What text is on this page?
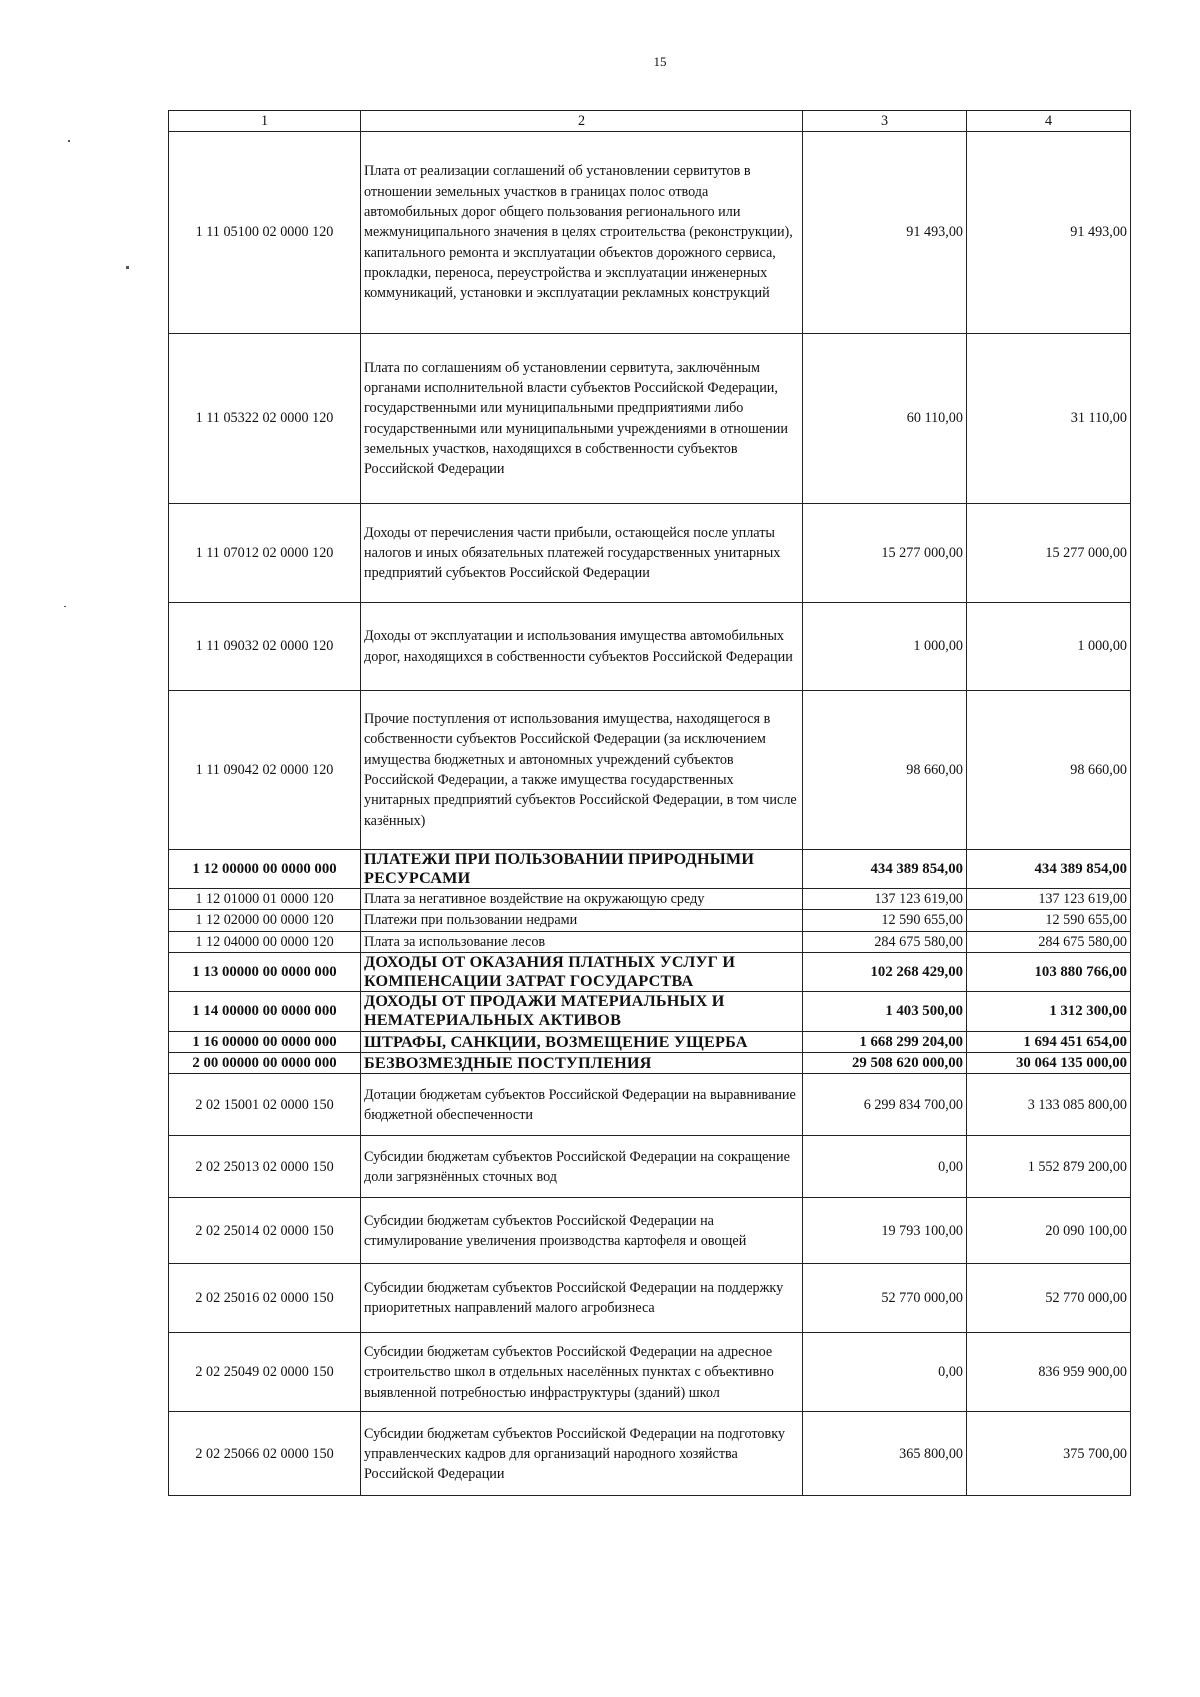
15
1	2	3	4
1 11 05100 02 0000 120	Плата от реализации соглашений об установлении сервитутов в отношении земельных участков в границах полос отвода автомобильных дорог общего пользования регионального или межмуниципального значения в целях строительства (реконструкции), капитального ремонта и эксплуатации объектов дорожного сервиса, прокладки, переноса, переустройства и эксплуатации инженерных коммуникаций, установки и эксплуатации рекламных конструкций	91 493,00	91 493,00
1 11 05322 02 0000 120	Плата по соглашениям об установлении сервитута, заключённым органами исполнительной власти субъектов Российской Федерации, государственными или муниципальными предприятиями либо государственными или муниципальными учреждениями в отношении земельных участков, находящихся в собственности субъектов Российской Федерации	60 110,00	31 110,00
1 11 07012 02 0000 120	Доходы от перечисления части прибыли, остающейся после уплаты налогов и иных обязательных платежей государственных унитарных предприятий субъектов Российской Федерации	15 277 000,00	15 277 000,00
1 11 09032 02 0000 120	Доходы от эксплуатации и использования имущества автомобильных дорог, находящихся в собственности субъектов Российской Федерации	1 000,00	1 000,00
1 11 09042 02 0000 120	Прочие поступления от использования имущества, находящегося в собственности субъектов Российской Федерации (за исключением имущества бюджетных и автономных учреждений субъектов Российской Федерации, а также имущества государственных унитарных предприятий субъектов Российской Федерации, в том числе казённых)	98 660,00	98 660,00
1 12 00000 00 0000 000	ПЛАТЕЖИ ПРИ ПОЛЬЗОВАНИИ ПРИРОДНЫМИ РЕСУРСАМИ	434 389 854,00	434 389 854,00
1 12 01000 01 0000 120	Плата за негативное воздействие на окружающую среду	137 123 619,00	137 123 619,00
1 12 02000 00 0000 120	Платежи при пользовании недрами	12 590 655,00	12 590 655,00
1 12 04000 00 0000 120	Плата за использование лесов	284 675 580,00	284 675 580,00
1 13 00000 00 0000 000	ДОХОДЫ ОТ ОКАЗАНИЯ ПЛАТНЫХ УСЛУГ И КОМПЕНСАЦИИ ЗАТРАТ ГОСУДАРСТВА	102 268 429,00	103 880 766,00
1 14 00000 00 0000 000	ДОХОДЫ ОТ ПРОДАЖИ МАТЕРИАЛЬНЫХ И НЕМАТЕРИАЛЬНЫХ АКТИВОВ	1 403 500,00	1 312 300,00
1 16 00000 00 0000 000	ШТРАФЫ, САНКЦИИ, ВОЗМЕЩЕНИЕ УЩЕРБА	1 668 299 204,00	1 694 451 654,00
2 00 00000 00 0000 000	БЕЗВОЗМЕЗДНЫЕ ПОСТУПЛЕНИЯ	29 508 620 000,00	30 064 135 000,00
2 02 15001 02 0000 150	Дотации бюджетам субъектов Российской Федерации на выравнивание бюджетной обеспеченности	6 299 834 700,00	3 133 085 800,00
2 02 25013 02 0000 150	Субсидии бюджетам субъектов Российской Федерации на сокращение доли загрязнённых сточных вод	0,00	1 552 879 200,00
2 02 25014 02 0000 150	Субсидии бюджетам субъектов Российской Федерации на стимулирование увеличения производства картофеля и овощей	19 793 100,00	20 090 100,00
2 02 25016 02 0000 150	Субсидии бюджетам субъектов Российской Федерации на поддержку приоритетных направлений малого агробизнеса	52 770 000,00	52 770 000,00
2 02 25049 02 0000 150	Субсидии бюджетам субъектов Российской Федерации на адресное строительство школ в отдельных населённых пунктах с объективно выявленной потребностью инфраструктуры (зданий) школ	0,00	836 959 900,00
2 02 25066 02 0000 150	Субсидии бюджетам субъектов Российской Федерации на подготовку управленческих кадров для организаций народного хозяйства Российской Федерации	365 800,00	375 700,00
